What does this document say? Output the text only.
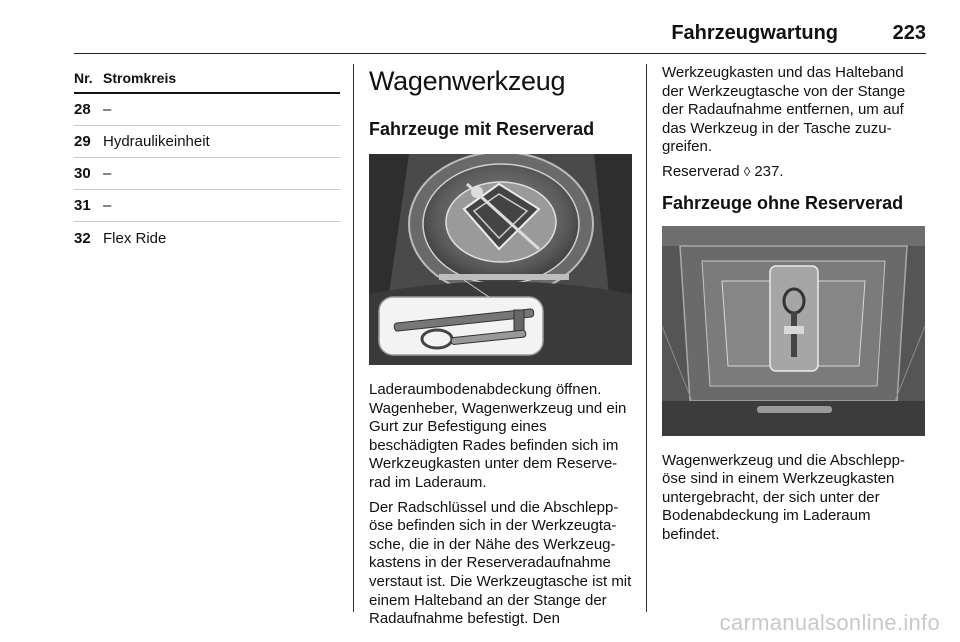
Fahrzeugwartung	223
Nr. Stromkreis
28 –
29 Hydraulikeinheit
30 –
31 –
32 Flex Ride
Wagenwerkzeug
Fahrzeuge mit Reserverad
Laderaumbodenabdeckung öffnen. Wagenheber, Wagenwerkzeug und ein Gurt zur Befestigung eines beschädigten Rades befinden sich im Werkzeugkasten unter dem Reserve-rad im Laderaum.
Der Radschlüssel und die Abschlepp-öse befinden sich in der Werkzeugta-sche, die in der Nähe des Werkzeug-kastens in der Reserveradaufnahme verstaut ist. Die Werkzeugtasche ist mit einem Halteband an der Stange der Radaufnahme befestigt. Den
Werkzeugkasten und das Halteband der Werkzeugtasche von der Stange der Radaufnahme entfernen, um auf das Werkzeug in der Tasche zuzu-greifen.
Reserverad ◊ 237.
Fahrzeuge ohne Reserverad
Wagenwerkzeug und die Abschlepp-öse sind in einem Werkzeugkasten untergebracht, der sich unter der Bodenabdeckung im Laderaum befindet.
carmanualsonline.info
